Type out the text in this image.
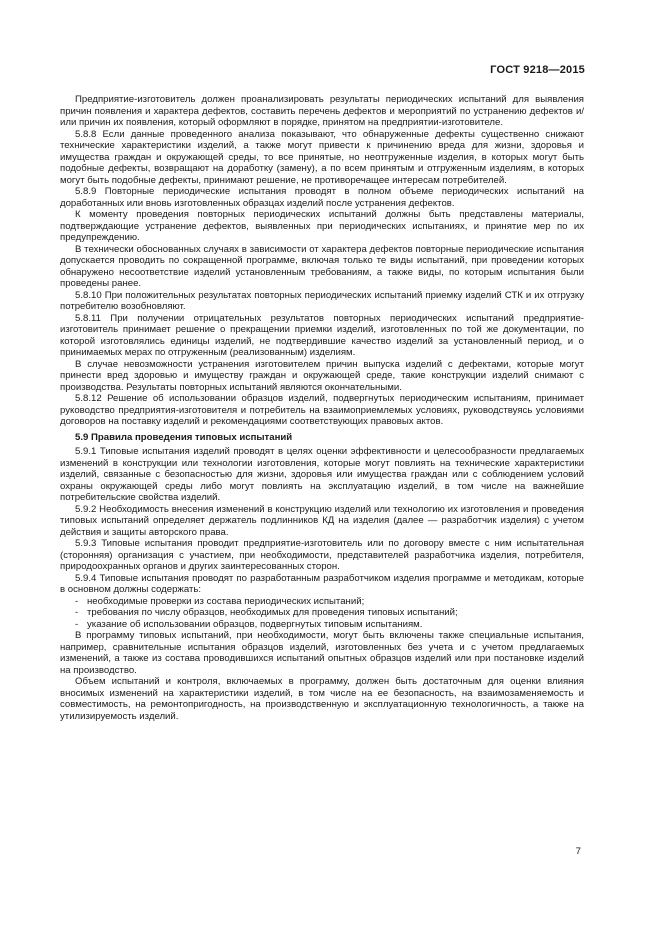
ГОСТ 9218—2015

Предприятие-изготовитель должен проанализировать результаты периодических испытаний для выявления причин появления и характера дефектов, составить перечень дефектов и мероприятий по устранению дефектов и/или причин их появления, который оформляют в порядке, принятом на предприятии-изготовителе.

5.8.8 Если данные проведенного анализа показывают, что обнаруженные дефекты существенно снижают технические характеристики изделий, а также могут привести к причинению вреда для жизни, здоровья и имущества граждан и окружающей среды, то все принятые, но неотгруженные изделия, в которых могут быть подобные дефекты, возвращают на доработку (замену), а по всем принятым и отгруженным изделиям, в которых могут быть подобные дефекты, принимают решение, не противоречащее интересам потребителей.

5.8.9 Повторные периодические испытания проводят в полном объеме периодических испытаний на доработанных или вновь изготовленных образцах изделий после устранения дефектов.

К моменту проведения повторных периодических испытаний должны быть представлены материалы, подтверждающие устранение дефектов, выявленных при периодических испытаниях, и принятие мер по их предупреждению.

В технически обоснованных случаях в зависимости от характера дефектов повторные периодические испытания допускается проводить по сокращенной программе, включая только те виды испытаний, при проведении которых обнаружено несоответствие изделий установленным требованиям, а также виды, по которым испытания были проведены ранее.

5.8.10 При положительных результатах повторных периодических испытаний приемку изделий СТК и их отгрузку потребителю возобновляют.

5.8.11 При получении отрицательных результатов повторных периодических испытаний предприятие-изготовитель принимает решение о прекращении приемки изделий, изготовленных по той же документации, по которой изготовлялись единицы изделий, не подтвердившие качество изделий за установленный период, и о принимаемых мерах по отгруженным (реализованным) изделиям.

В случае невозможности устранения изготовителем причин выпуска изделий с дефектами, которые могут принести вред здоровью и имуществу граждан и окружающей среде, такие конструкции изделий снимают с производства. Результаты повторных испытаний являются окончательными.

5.8.12 Решение об использовании образцов изделий, подвергнутых периодическим испытаниям, принимает руководство предприятия-изготовителя и потребитель на взаимоприемлемых условиях, руководствуясь условиями договоров на поставку изделий и рекомендациями соответствующих правовых актов.

5.9 Правила проведения типовых испытаний

5.9.1 Типовые испытания изделий проводят в целях оценки эффективности и целесообразности предлагаемых изменений в конструкции или технологии изготовления, которые могут повлиять на технические характеристики изделий, связанные с безопасностью для жизни, здоровья или имущества граждан или с соблюдением условий охраны окружающей среды либо могут повлиять на эксплуатацию изделий, в том числе на важнейшие потребительские свойства изделий.

5.9.2 Необходимость внесения изменений в конструкцию изделий или технологию их изготовления и проведения типовых испытаний определяет держатель подлинников КД на изделия (далее — разработчик изделия) с учетом действия и защиты авторского права.

5.9.3 Типовые испытания проводит предприятие-изготовитель или по договору вместе с ним испытательная (сторонняя) организация с участием, при необходимости, представителей разработчика изделия, потребителя, природоохранных органов и других заинтересованных сторон.

5.9.4 Типовые испытания проводят по разработанным разработчиком изделия программе и методикам, которые в основном должны содержать:

- необходимые проверки из состава периодических испытаний;
- требования по числу образцов, необходимых для проведения типовых испытаний;
- указание об использовании образцов, подвергнутых типовым испытаниям.

В программу типовых испытаний, при необходимости, могут быть включены также специальные испытания, например, сравнительные испытания образцов изделий, изготовленных без учета и с учетом предлагаемых изменений, а также из состава проводившихся испытаний опытных образцов изделий или при постановке изделий на производство.

Объем испытаний и контроля, включаемых в программу, должен быть достаточным для оценки влияния вносимых изменений на характеристики изделий, в том числе на ее безопасность, на взаимозаменяемость и совместимость, на ремонтопригодность, на производственную и эксплуатационную технологичность, а также на утилизируемость изделий.

7
